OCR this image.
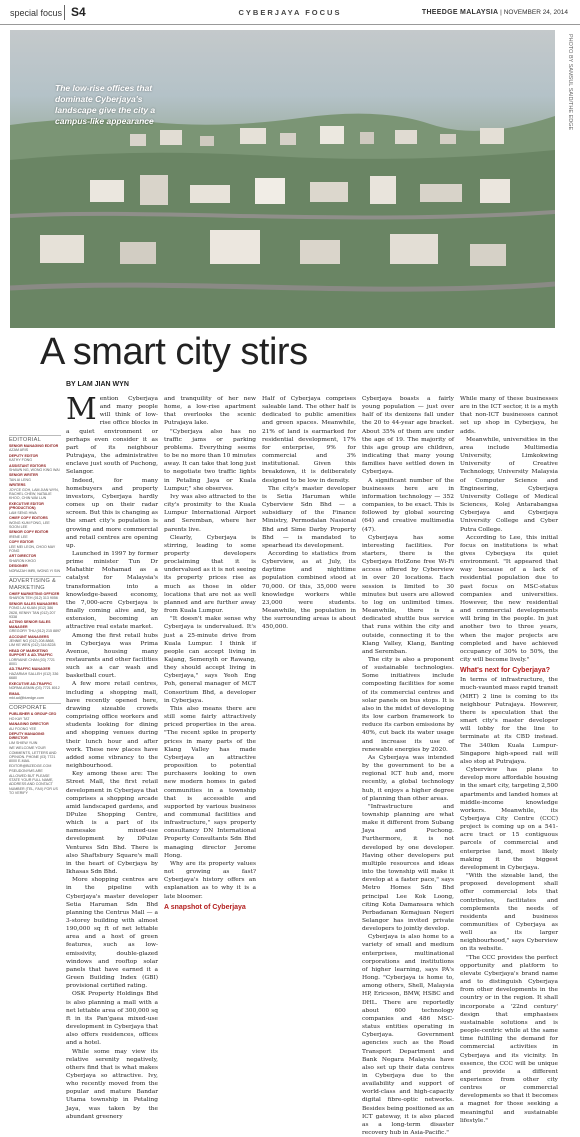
special focus S4	CYBERJAYA FOCUS	THEEDGE MALAYSIA | NOVEMBER 24, 2014
The low-rise offices that dominate Cyberjaya's landscape give the city a campus-like appearance	PHOTO BY SAMSUL SAID/THE EDGE
A smart city stirs
BY LAM JIAN WYN
EDITORIAL
SENIOR MANAGING EDITOR
AZAM ARIS
DEPUTY EDITOR
KATHY FONG
ASSISTANT EDITORS
SHAWN NG, WONG KING WAI
SENIOR WRITER
TAN AI LENG
WRITERS
JOYCE GOH, LAM JIAN WYN, RACHEL CHEW, NATALIE KHOO, CHIN WAI LUN
EXECUTIVE EDITOR (PRODUCTION)
LAM SENG HWA
CHIEF COPY EDITORS
WONG KUM FONG, LEE SOON LEE
SENIOR COPY EDITOR
IRENE LEE
COPY EDITOR
LEE MEI LEON, CHOO MAY FONG
ART DIRECTOR
SHARON KHOO
DESIGNER
NORAZAH IMRI, WONG YI SIN
ADVERTISING & MARKETING
CHIEF MARKETING OFFICER
SHARON TEH (012) 313 9056
SENIOR SALES MANAGERS
FONG LAI KUAN (012) 386 2628, KENNY TAN (012) 207 9338
ACTING SENIOR SALES MANAGER
GREGORY THU (012) 215 8897
ACCOUNT MANAGERS
JENNIE NG (012) 208 8868, LIM KE WEN (012) 316 8228
HEAD OF MARKETING SUPPORT & AD-TRAFFIC
LORRAINE CHAN (03) 7721 8001
AD-TRAFFIC MANAGER
HAZARIAH SALLEH (012) 336 6680
EXECUTIVE AD-TRAFFIC
NORMA ASMIN (03) 7721 8012
EMAIL
mkt.ad@bizedge.com
CORPORATE
PUBLISHER & GROUP CEO
HO KAY TAT
MANAGING DIRECTOR
AU FOONG YEE
DEPUTY MANAGING DIRECTOR
LIM SHIEW YUIN
WE WELCOME YOUR COMMENTS, LETTERS AND OPINION. PHONE (03) 7721 8000 E-MAIL EDITOR@BIZEDGE.COM
PSEUDONYMS ARE ALLOWED BUT PLEASE STATE YOUR FULL NAME, ADDRESS AND CONTACT NUMBER (TEL, FAX) FOR US TO VERIFY

Mention Cyberjaya and many people will think of low-rise office blocks in a quiet environment or perhaps even consider it as part of its neighbour Putrajaya, the administrative enclave just south of Puchong, Selangor.

Indeed, for many homebuyers and property investors, Cyberjaya hardly comes up on their radar screen. But this is changing as the smart city's population is growing and more commercial and retail centres are opening up.

Launched in 1997 by former prime minister Tun Dr Mahathir Mohamad as a catalyst for Malaysia's transformation into a knowledge-based economy, the 7,000-acre Cyberjaya is finally coming alive and, by extension, becoming an attractive real estate market.

Among the first retail hubs in Cyberjaya was Prima Avenue, housing many restaurants and other facilities such as a car wash and basketball court.

A few more retail centres, including a shopping mall, have recently opened here, drawing sizeable crowds comprising office workers and students looking for dining and shopping venues during their lunch hour and after work. These new places have added some vibrancy to the neighbourhood.

Key among these are: The Street Mall, the first retail development in Cyberjaya that comprises a shopping arcade amid landscaped gardens, and DPulze Shopping Centre, which is a part of its namesake mixed-use development by DPulze Ventures Sdn Bhd. There is also Shaftsbury Square's mall in the heart of Cyberjaya by Ikhasas Sdn Bhd.

More shopping centres are in the pipeline with Cyberjaya's master developer Setia Haruman Sdn Bhd planning the Centrus Mall — a 3-storey building with almost 190,000 sq ft of net lettable area and a host of green features, such as low-emissivity, double-glazed windows and rooftop solar panels that have earned it a Green Building Index (GBI) provisional certified rating.

OSK Property Holdings Bhd is also planning a mall with a net lettable area of 300,000 sq ft in its Pan'gaea mixed-use development in Cyberjaya that also offers residences, offices and a hotel.

While some may view its relative serenity negatively, others find that is what makes Cyberjaya so attractive. Ivy, who recently moved from the popular and mature Bandar Utama township in Petaling Jaya, was taken by the abundant greenery

and tranquility of her new home, a low-rise apartment that overlooks the scenic Putrajaya lake.

"Cyberjaya also has no traffic jams or parking problems. Everything seems to be no more than 10 minutes away. It can take that long just to negotiate two traffic lights in Petaling Jaya or Kuala Lumpur," she observes.

Ivy was also attracted to the city's proximity to the Kuala Lumpur International Airport and Seremban, where her parents live.

Clearly, Cyberjaya is stirring, leading to some property developers proclaiming that it is undervalued as it is not seeing its property prices rise as much as those in older locations that are not as well planned and are further away from Kuala Lumpur.

"It doesn't make sense why Cyberjaya is undervalued. It's just a 25-minute drive from Kuala Lumpur. I think if people can accept living in Kajang, Semenyih or Rawang, they should accept living in Cyberjaya," says Yeoh Eng Poh, general manager of MCT Consortium Bhd, a developer in Cyberjaya.

This also means there are still some fairly attractively priced properties in the area. "The recent spike in property prices in many parts of the Klang Valley has made Cyberjaya an attractive proposition to potential purchasers looking to own new modern homes in gated communities in a township that is accessible and supported by various business and communal facilities and infrastructure," says property consultancy DN International Property Consultants Sdn Bhd managing director Jerome Hong.

Why are its property values not growing as fast? Cyberjaya's history offers an explanation as to why it is a late bloomer.

A snapshot of Cyberjaya

Half of Cyberjaya comprises saleable land. The other half is dedicated to public amenities and green spaces. Meanwhile, 21% of land is earmarked for residential development, 17% for enterprise, 9% for commercial and 3% institutional. Given this breakdown, it is deliberately designed to be low in density.

The city's master developer is Setia Haruman while Cyberview Sdn Bhd — a subsidiary of the Finance Ministry, Permodalan Nasional Bhd and Sime Darby Property Bhd — is mandated to spearhead its development.

According to statistics from Cyberview, as at July, its daytime and nighttime population combined stood at 70,000. Of this, 35,000 were knowledge workers while 23,000 were students. Meanwhile, the population in the surrounding areas is about 450,000.

Cyberjaya boasts a fairly young population — just over half of its denizens fall under the 20 to 44-year age bracket. About 35% of them are under the age of 19. The majority of this age group are children, indicating that many young families have settled down in Cyberjaya.

A significant number of the businesses here are in information technology — 352 companies, to be exact. This is followed by global sourcing (64) and creative multimedia (47).

Cyberjaya has some interesting facilities. For starters, there is the Cyberjaya HotZone free Wi-Fi access offered by Cyberview in over 20 locations. Each session is limited to 30 minutes but users are allowed to log on unlimited times. Meanwhile, there is a dedicated shuttle bus service that runs within the city and outside, connecting it to the Klang Valley, Klang, Banting and Seremban.

The city is also a proponent of sustainable technologies. Some initiatives include composting facilities for some of its commercial centres and solar panels on bus stops. It is also in the midst of developing its low carbon framework to reduce its carbon emissions by 40%, cut back its water usage and increase its use of renewable energies by 2020.

As Cyberjaya was intended by the government to be a regional ICT hub and, more recently, a global technology hub, it enjoys a higher degree of planning than other areas.

"Infrastructure and township planning are what make it different from Subang Jaya and Puchong. Furthermore, it is not developed by one developer. Having other developers put multiple resources and ideas into the township will make it develop at a faster pace," says Metro Homes Sdn Bhd principal Lee Kok Loong, citing Kota Damansara which Perbadanan Kemajuan Negeri Selangor has invited private developers to jointly develop.

Cyberjaya is also home to a variety of small and medium enterprises, multinational corporations and institutions of higher learning, says PA's Hong. "Cyberjaya is home to, among others, Shell, Malaysia HP, Ericsson, BMW, HSBC and DHL. There are reportedly about 600 technology companies and 486 MSC-status entities operating in Cyberjaya. Government agencies such as the Road Transport Department and Bank Negara Malaysia have also set up their data centres in Cyberjaya due to the availability and support of world-class and high-capacity digital fibre-optic networks. Besides being positioned as an ICT gateway, it is also placed as a long-term disaster recovery hub in Asia-Pacific."

While many of these businesses are in the ICT sector, it is a myth that non-ICT businesses cannot set up shop in Cyberjaya, he adds.

Meanwhile, universities in the area include Multimedia University, Limkokwing University of Creative Technology, University Malaysia of Computer Science and Engineering, Cyberjaya University College of Medical Sciences, Kolej Antarabangsa Cyberjaya and Cyberjaya University College and Cyber Putra College.

According to Lee, this initial focus on institutions is what gives Cyberjaya its quiet environment. "It appeared that way because of a lack of residential population due to past focus on MSC-status companies and universities. However, the new residential and commercial developments will bring in the people. In just another two to three years, when the major projects are completed and have achieved occupancy of 30% to 50%, the city will become lively."

What's next for Cyberjaya?

In terms of infrastructure, the much-vaunted mass rapid transit (MRT) 2 line is coming to its neighbour Putrajaya. However, there is speculation that the smart city's master developer will lobby for the line to terminate at its CBD instead. The 340km Kuala Lumpur-Singapore high-speed rail will also stop at Putrajaya.

Cyberview has plans to develop more affordable housing in the smart city, targeting 2,500 apartments and landed homes at middle-income knowledge workers. Meanwhile, its Cyberjaya City Centre (CCC) project is coming up on a 541-acre tract or 15 contiguous parcels of commercial and enterprise land, most likely making it the biggest development in Cyberjaya.

"With the sizeable land, the proposed development shall offer commercial lots that contributes, facilitates and complements the needs of residents and business communities of Cyberjaya as well as its larger neighbourhood," says Cyberview on its website.

"The CCC provides the perfect opportunity and platform to elevate Cyberjaya's brand name and to distinguish Cyberjaya from other developments in the country or in the region. It shall incorporate a '22nd century' design that emphasises sustainable solutions and is people-centric while at the same time fulfilling the demand for commercial activities in Cyberjaya and its vicinity. In essence, the CCC will be unique and provide a different experience from other city centres or commercial developments so that it becomes a magnet for those seeking a meaningful and sustainable lifestyle."
